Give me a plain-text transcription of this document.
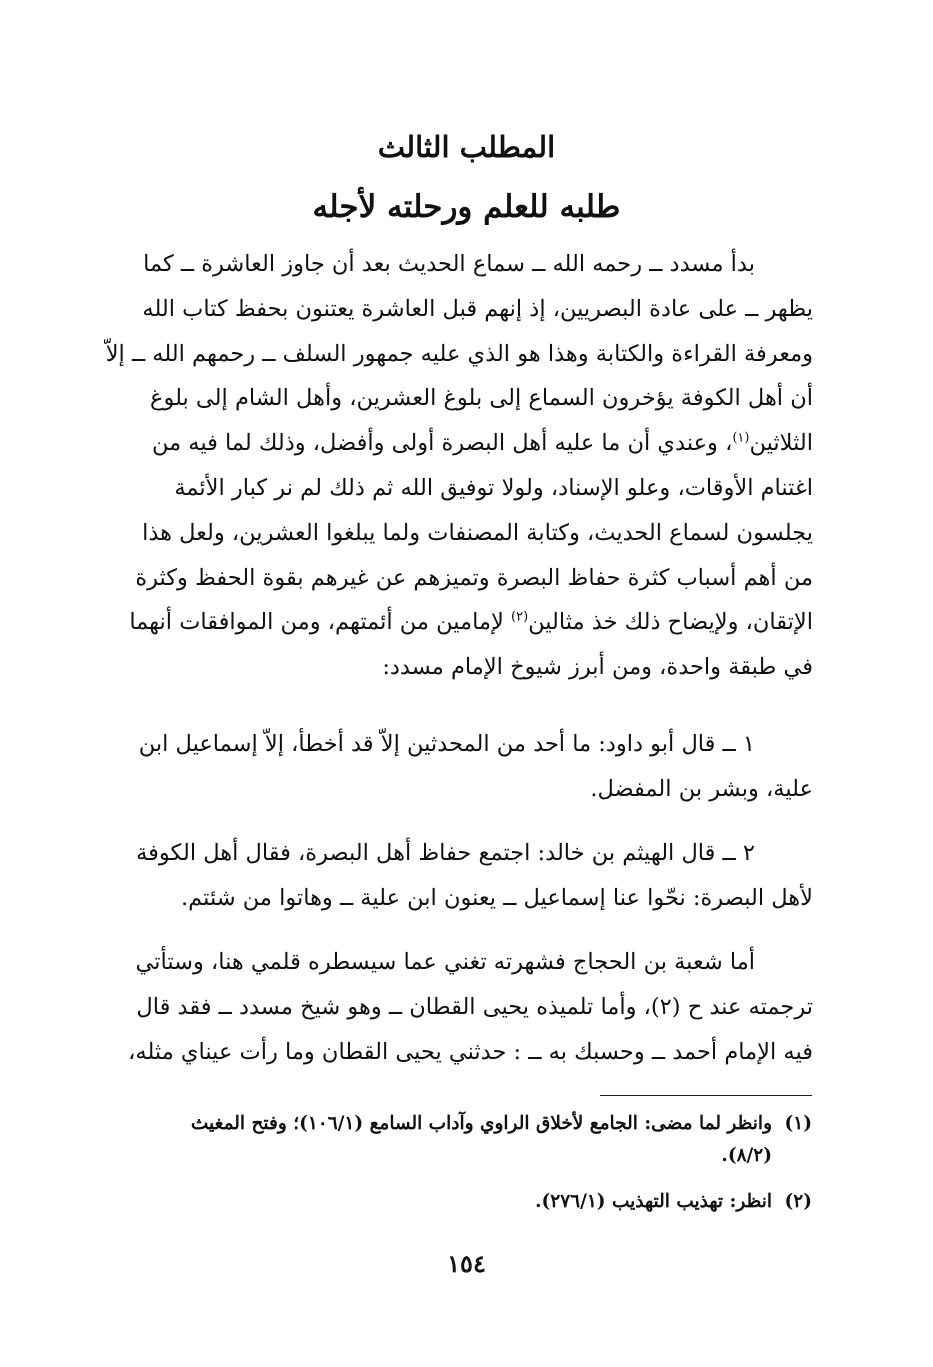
المطلب الثالث
طلبه للعلم ورحلته لأجله

بدأ مسدد ــ رحمه الله ــ سماع الحديث بعد أن جاوز العاشرة ــ كما

يظهر ــ على عادة البصريين، إذ إنهم قبل العاشرة يعتنون بحفظ كتاب الله

ومعرفة القراءة والكتابة وهذا هو الذي عليه جمهور السلف ــ رحمهم الله ــ إلاّ

أن أهل الكوفة يؤخرون السماع إلى بلوغ العشرين، وأهل الشام إلى بلوغ

الثلاثين$^{(١)}$، وعندي أن ما عليه أهل البصرة أولى وأفضل، وذلك لما فيه من

اغتنام الأوقات، وعلو الإسناد، ولولا توفيق الله ثم ذلك لم نر كبار الأئمة

يجلسون لسماع الحديث، وكتابة المصنفات ولما يبلغوا العشرين، ولعل هذا

من أهم أسباب كثرة حفاظ البصرة وتميزهم عن غيرهم بقوة الحفظ وكثرة

الإتقان، ولإيضاح ذلك خذ مثالين$^{(٢)}$ لإمامين من أئمتهم، ومن الموافقات أنهما

في طبقة واحدة، ومن أبرز شيوخ الإمام مسدد:

١ ــ قال أبو داود: ما أحد من المحدثين إلاّ قد أخطأ، إلاّ إسماعيل ابن

علية، وبشر بن المفضل.

٢ ــ قال الهيثم بن خالد: اجتمع حفاظ أهل البصرة، فقال أهل الكوفة

لأهل البصرة: نحّوا عنا إسماعيل ــ يعنون ابن علية ــ وهاتوا من شئتم.

أما شعبة بن الحجاج فشهرته تغني عما سيسطره قلمي هنا، وستأتي

ترجمته عند ح (٢)، وأما تلميذه يحيى القطان ــ وهو شيخ مسدد ــ فقد قال

فيه الإمام أحمد ــ وحسبك به ــ : حدثني يحيى القطان وما رأت عيناي مثله،

(١)وانظر لما مضى: الجامع لأخلاق الراوي وآداب السامع (١٠٦/١)؛ وفتح المغيث
(٨/٢).
(٢)انظر: تهذيب التهذيب (٢٧٦/١).
١٥٤
